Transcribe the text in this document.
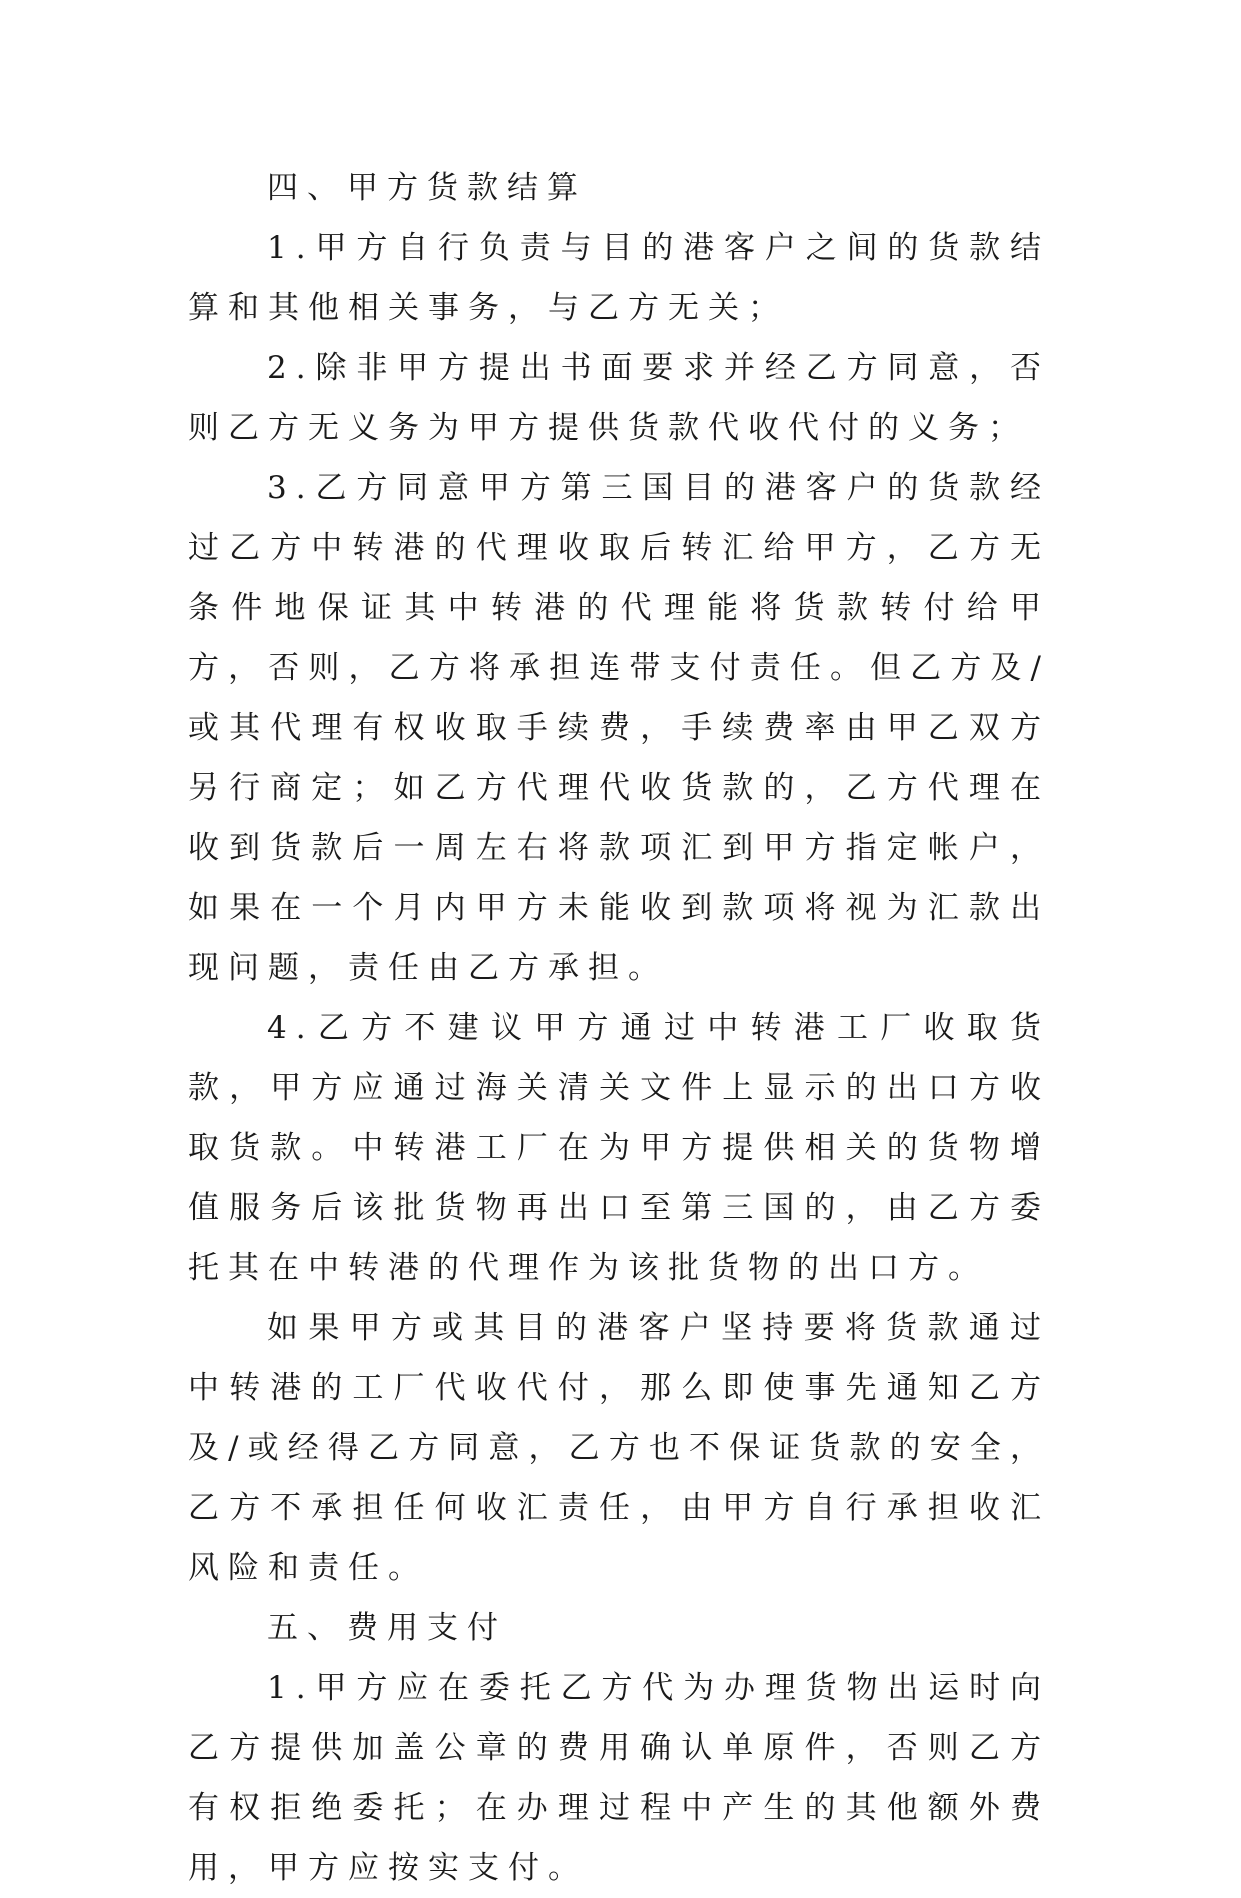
四、甲方货款结算

1.甲方自行负责与目的港客户之间的货款结算和其他相关事务，与乙方无关；

2.除非甲方提出书面要求并经乙方同意，否则乙方无义务为甲方提供货款代收代付的义务；

3.乙方同意甲方第三国目的港客户的货款经过乙方中转港的代理收取后转汇给甲方，乙方无条件地保证其中转港的代理能将货款转付给甲方，否则，乙方将承担连带支付责任。但乙方及/或其代理有权收取手续费，手续费率由甲乙双方另行商定；如乙方代理代收货款的，乙方代理在收到货款后一周左右将款项汇到甲方指定帐户，如果在一个月内甲方未能收到款项将视为汇款出现问题，责任由乙方承担。

4.乙方不建议甲方通过中转港工厂收取货款，甲方应通过海关清关文件上显示的出口方收取货款。中转港工厂在为甲方提供相关的货物增值服务后该批货物再出口至第三国的，由乙方委托其在中转港的代理作为该批货物的出口方。

如果甲方或其目的港客户坚持要将货款通过中转港的工厂代收代付，那么即使事先通知乙方及/或经得乙方同意，乙方也不保证货款的安全，乙方不承担任何收汇责任，由甲方自行承担收汇风险和责任。

五、费用支付

1.甲方应在委托乙方代为办理货物出运时向乙方提供加盖公章的费用确认单原件，否则乙方有权拒绝委托；在办理过程中产生的其他额外费用，甲方应按实支付。
